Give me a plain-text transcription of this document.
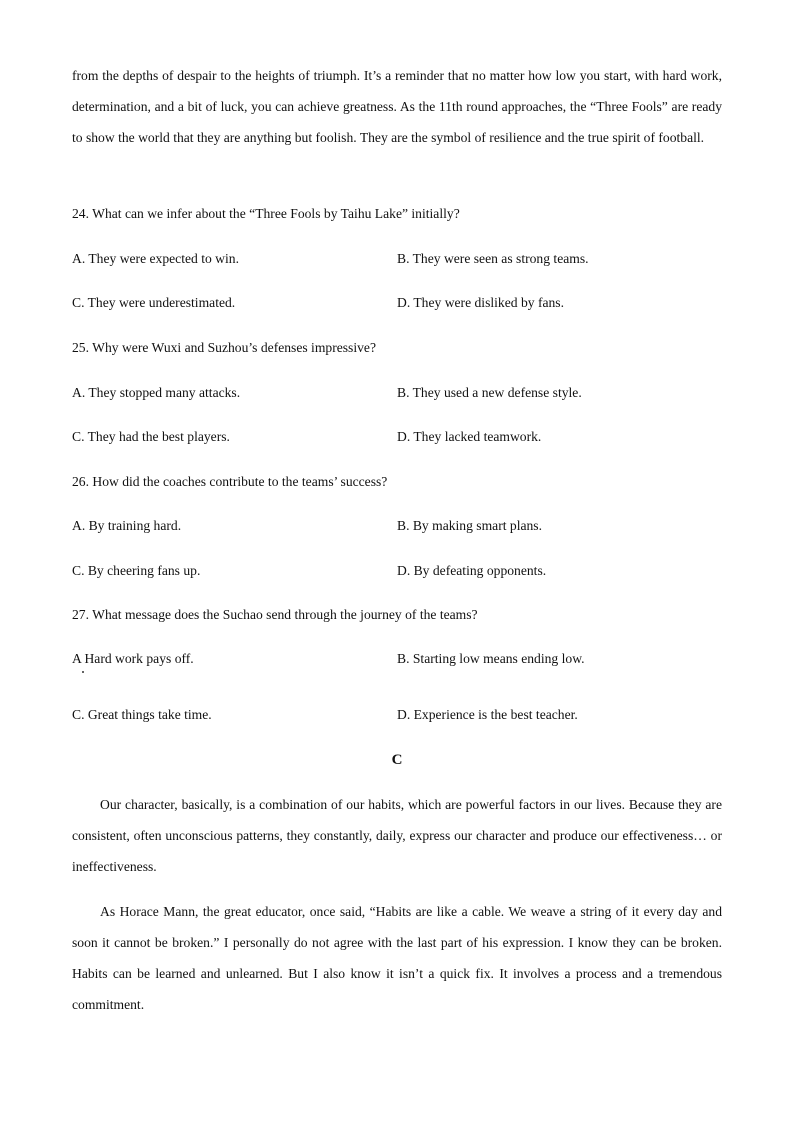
from the depths of despair to the heights of triumph. It’s a reminder that no matter how low you start, with hard work, determination, and a bit of luck, you can achieve greatness. As the 11th round approaches, the “Three Fools” are ready to show the world that they are anything but foolish. They are the symbol of resilience and the true spirit of football.

24. What can we infer about the “Three Fools by Taihu Lake” initially?

A. They were expected to win.	B. They were seen as strong teams.

C. They were underestimated.	D. They were disliked by fans.

25. Why were Wuxi and Suzhou’s defenses impressive?

A. They stopped many attacks.	B. They used a new defense style.

C. They had the best players.	D. They lacked teamwork.

26. How did the coaches contribute to the teams’ success?

A. By training hard.	B. By making smart plans.

C. By cheering fans up.	D. By defeating opponents.

27. What message does the Suchao send through the journey of the teams?

A Hard work pays off.	B. Starting low means ending low.

C. Great things take time.	D. Experience is the best teacher.

C

Our character, basically, is a combination of our habits, which are powerful factors in our lives. Because they are consistent, often unconscious patterns, they constantly, daily, express our character and produce our effectiveness… or ineffectiveness.

As Horace Mann, the great educator, once said, “Habits are like a cable. We weave a string of it every day and soon it cannot be broken.” I personally do not agree with the last part of his expression. I know they can be broken. Habits can be learned and unlearned. But I also know it isn’t a quick fix. It involves a process and a tremendous commitment.
